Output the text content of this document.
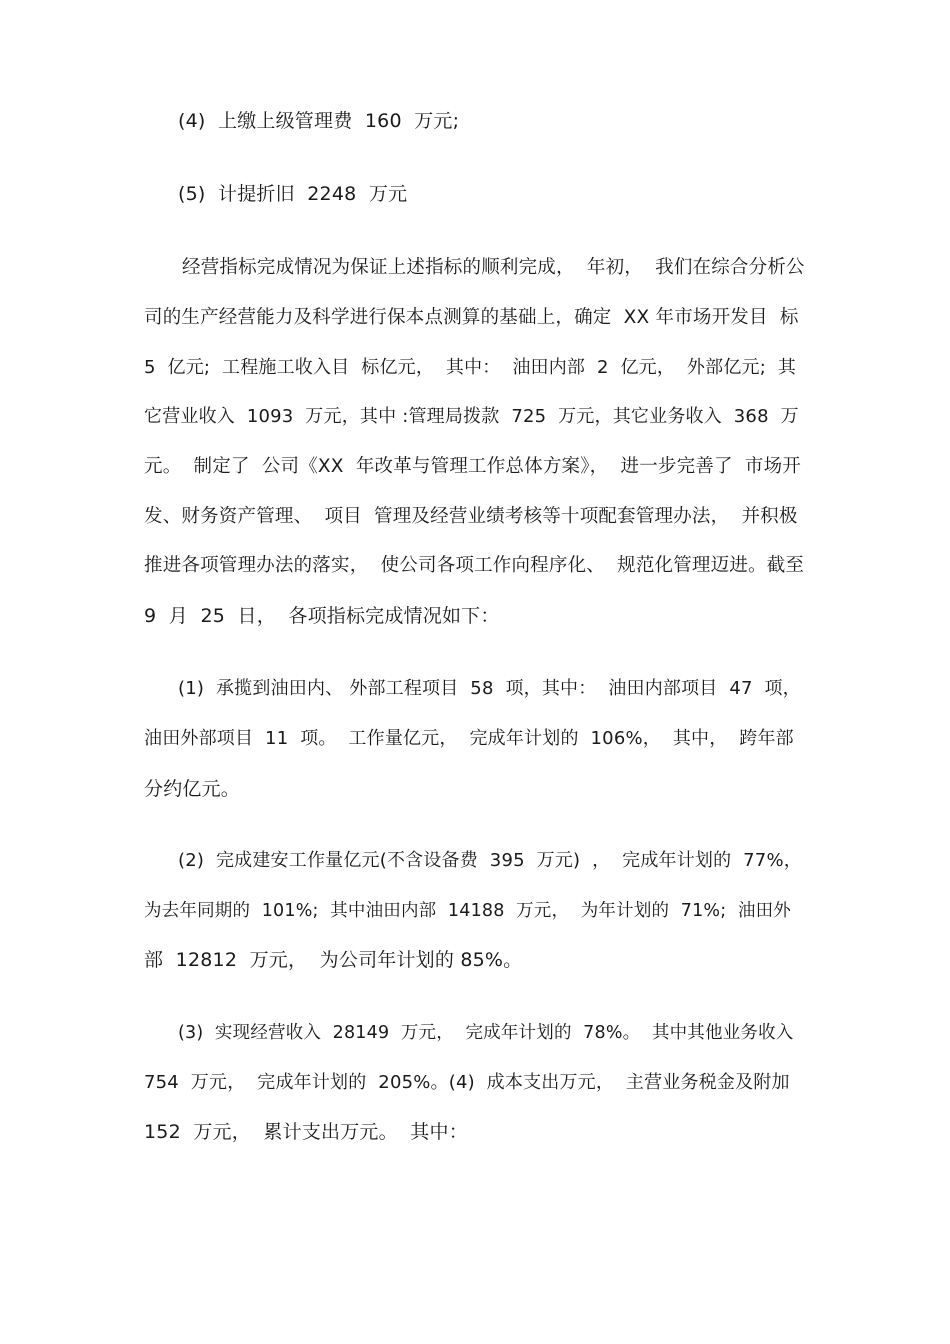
(4)  上缴上级管理费  160  万元;
(5)  计提折旧  2248  万元
经营指标完成情况为保证上述指标的顺利完成，  年初，  我们在综合分析公
司的生产经营能力及科学进行保本点测算的基础上，确定  XX 年市场开发目  标
5  亿元;  工程施工收入目  标亿元，  其中：  油田内部  2  亿元，  外部亿元;  其
它营业收入  1093  万元，其中 :管理局拨款  725  万元，其它业务收入  368  万
元。  制定了  公司《XX  年改革与管理工作总体方案》，  进一步完善了  市场开
发、财务资产管理、  项目  管理及经营业绩考核等十项配套管理办法，  并积极
推进各项管理办法的落实，  使公司各项工作向程序化、  规范化管理迈进。截至
9  月  25  日，  各项指标完成情况如下：
(1)  承揽到油田内、 外部工程项目  58  项，其中：  油田内部项目  47  项，
油田外部项目  11  项。  工作量亿元，  完成年计划的  106%，  其中，  跨年部
分约亿元。
(2)  完成建安工作量亿元(不含设备费  395  万元)  ，  完成年计划的  77%，
为去年同期的  101%;  其中油田内部  14188  万元，  为年计划的  71%;  油田外
部  12812  万元，  为公司年计划的 85%。
(3)  实现经营收入  28149  万元，  完成年计划的  78%。  其中其他业务收入
754  万元，  完成年计划的  205%。(4)  成本支出万元，  主营业务税金及附加
152  万元，  累计支出万元。  其中：
